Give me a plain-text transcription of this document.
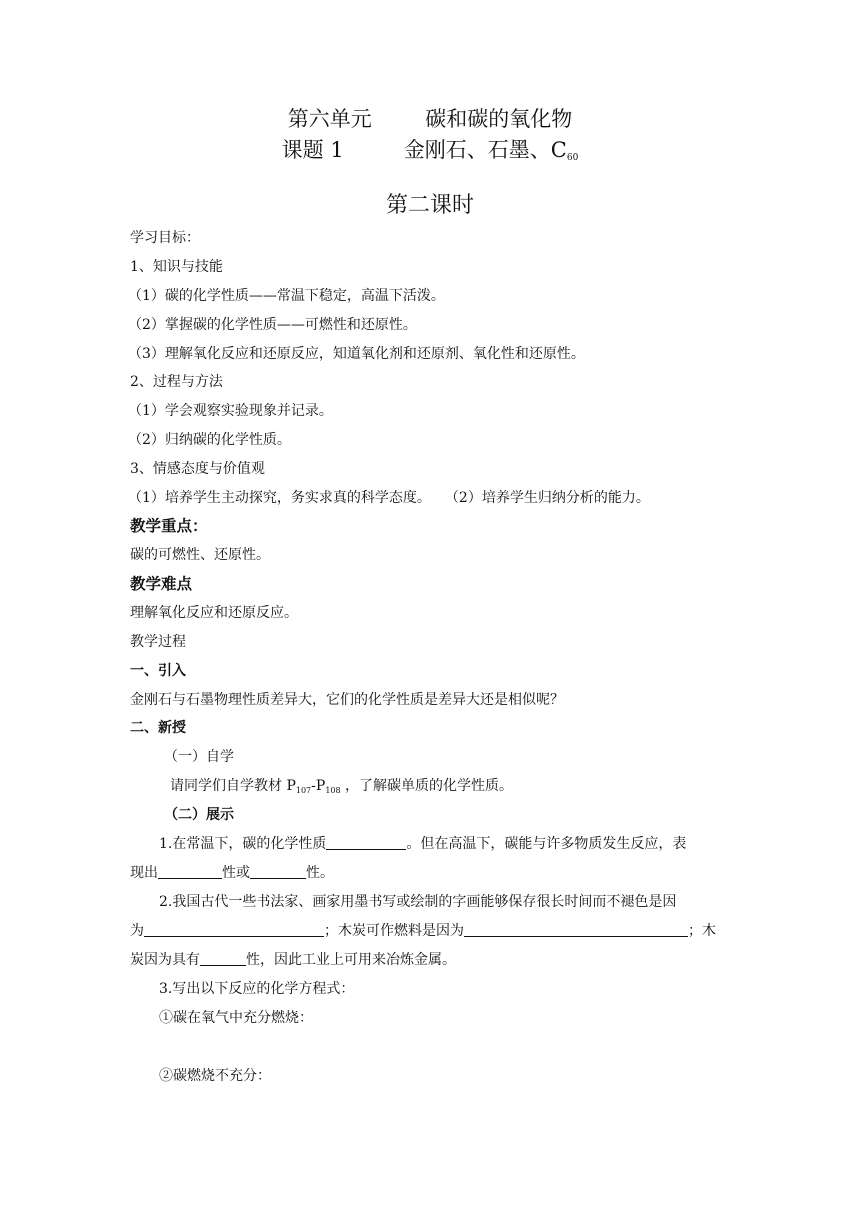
第六单元        碳和碳的氧化物
课题 1         金刚石、石墨、$C_{60}$
第二课时
学习目标：
1、知识与技能
（1）碳的化学性质——常温下稳定，高温下活泼。
（2）掌握碳的化学性质——可燃性和还原性。
（3）理解氧化反应和还原反应，知道氧化剂和还原剂、氧化性和还原性。
2、过程与方法
（1）学会观察实验现象并记录。
（2）归纳碳的化学性质。
3、情感态度与价值观
（1）培养学生主动探究，务实求真的科学态度。 （2）培养学生归纳分析的能力。
教学重点：
碳的可燃性、还原性。
教学难点
理解氧化反应和还原反应。
教学过程
一、引入
金刚石与石墨物理性质差异大，它们的化学性质是差异大还是相似呢？
二、新授
（一）自学
请同学们自学教材 $P_{107}-P_{108}$ ，了解碳单质的化学性质。
（二）展示
1.在常温下，碳的化学性质	。但在高温下，碳能与许多物质发生反应，表
现出	性或	性。
2.我国古代一些书法家、画家用墨书写或绘制的字画能够保存很长时间而不褪色是因
为	；木炭可作燃料是因为	；木
炭因为具有	性，因此工业上可用来冶炼金属。
3.写出以下反应的化学方程式：
①碳在氧气中充分燃烧：
②碳燃烧不充分：
